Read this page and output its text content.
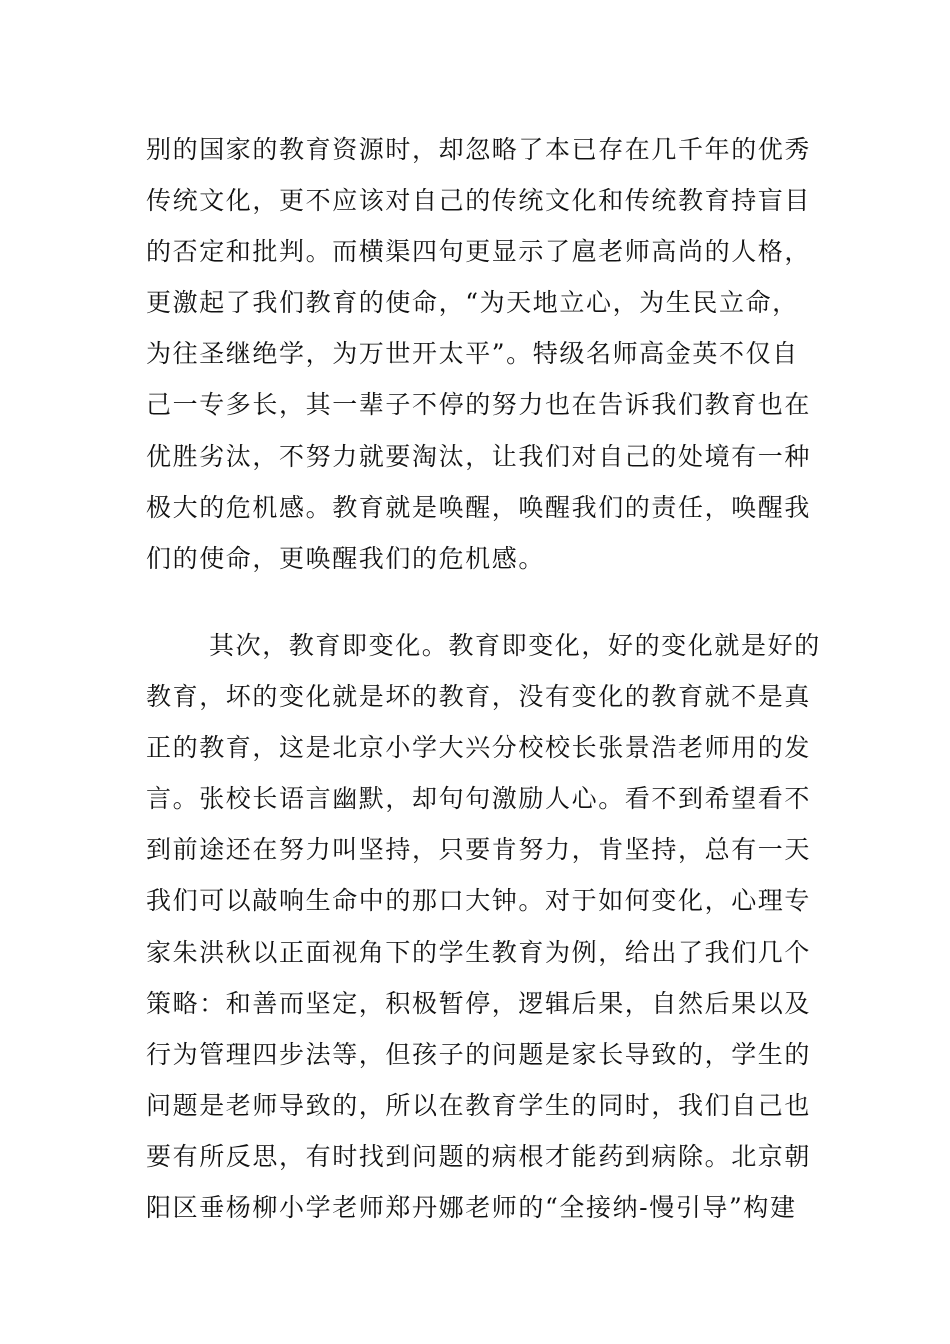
别的国家的教育资源时，却忽略了本已存在几千年的优秀
传统文化，更不应该对自己的传统文化和传统教育持盲目
的否定和批判。而横渠四句更显示了扈老师高尚的人格，
更激起了我们教育的使命，“为天地立心，为生民立命，
为往圣继绝学，为万世开太平”。特级名师高金英不仅自
己一专多长，其一辈子不停的努力也在告诉我们教育也在
优胜劣汰，不努力就要淘汰，让我们对自己的处境有一种
极大的危机感。教育就是唤醒，唤醒我们的责任，唤醒我
们的使命，更唤醒我们的危机感。
其次，教育即变化。教育即变化，好的变化就是好的
教育，坏的变化就是坏的教育，没有变化的教育就不是真
正的教育，这是北京小学大兴分校校长张景浩老师用的发
言。张校长语言幽默，却句句激励人心。看不到希望看不
到前途还在努力叫坚持，只要肯努力，肯坚持，总有一天
我们可以敲响生命中的那口大钟。对于如何变化，心理专
家朱洪秋以正面视角下的学生教育为例，给出了我们几个
策略：和善而坚定，积极暂停，逻辑后果，自然后果以及
行为管理四步法等，但孩子的问题是家长导致的，学生的
问题是老师导致的，所以在教育学生的同时，我们自己也
要有所反思，有时找到问题的病根才能药到病除。北京朝
阳区垂杨柳小学老师郑丹娜老师的“全接纳-慢引导”构建
